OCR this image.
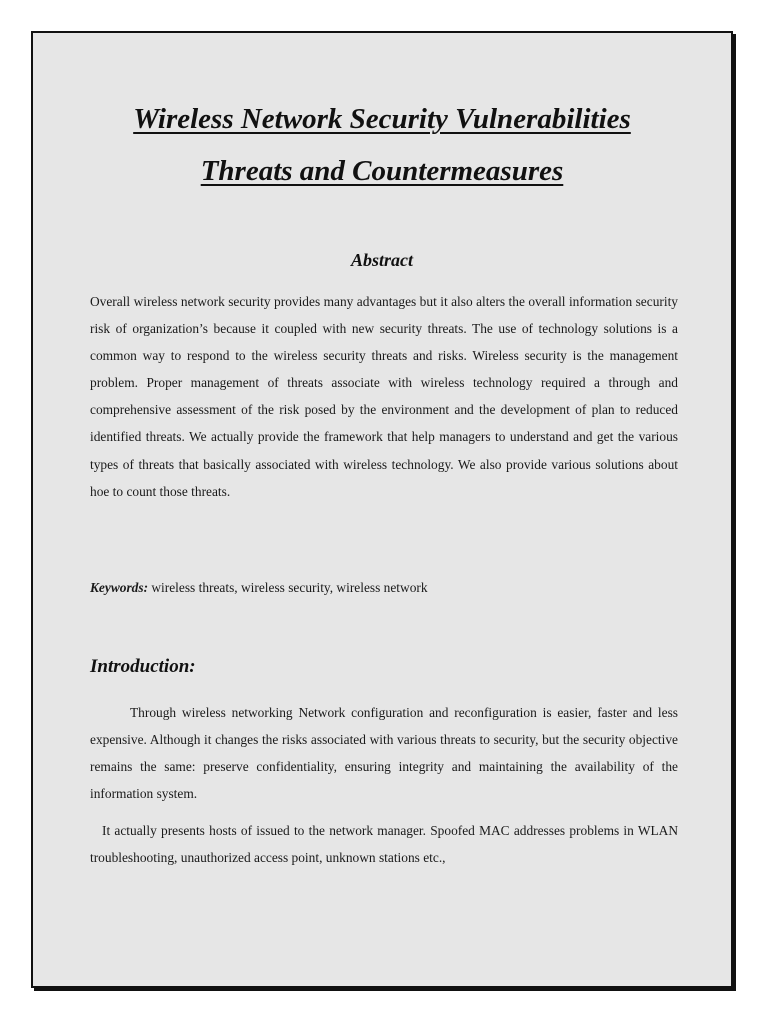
Wireless Network Security Vulnerabilities
Threats and Countermeasures
Abstract

Overall wireless network security provides many advantages but it also alters the overall information security risk of organization’s because it coupled with new security threats. The use of technology solutions is a common way to respond to the wireless security threats and risks. Wireless security is the management problem. Proper management of threats associate with wireless technology required a through and comprehensive assessment of the risk posed by the environment and the development of plan to reduced identified threats. We actually provide the framework that help managers to understand and get the various types of threats that basically associated with wireless technology. We also provide various solutions about hoe to count those threats.

Keywords: wireless threats, wireless security, wireless network

Introduction:

Through wireless networking Network configuration and reconfiguration is easier, faster and less expensive. Although it changes the risks associated with various threats to security, but the security objective remains the same: preserve confidentiality, ensuring integrity and maintaining the availability of the information system.

It actually presents hosts of issued to the network manager. Spoofed MAC addresses problems in WLAN troubleshooting, unauthorized access point, unknown stations etc.,
